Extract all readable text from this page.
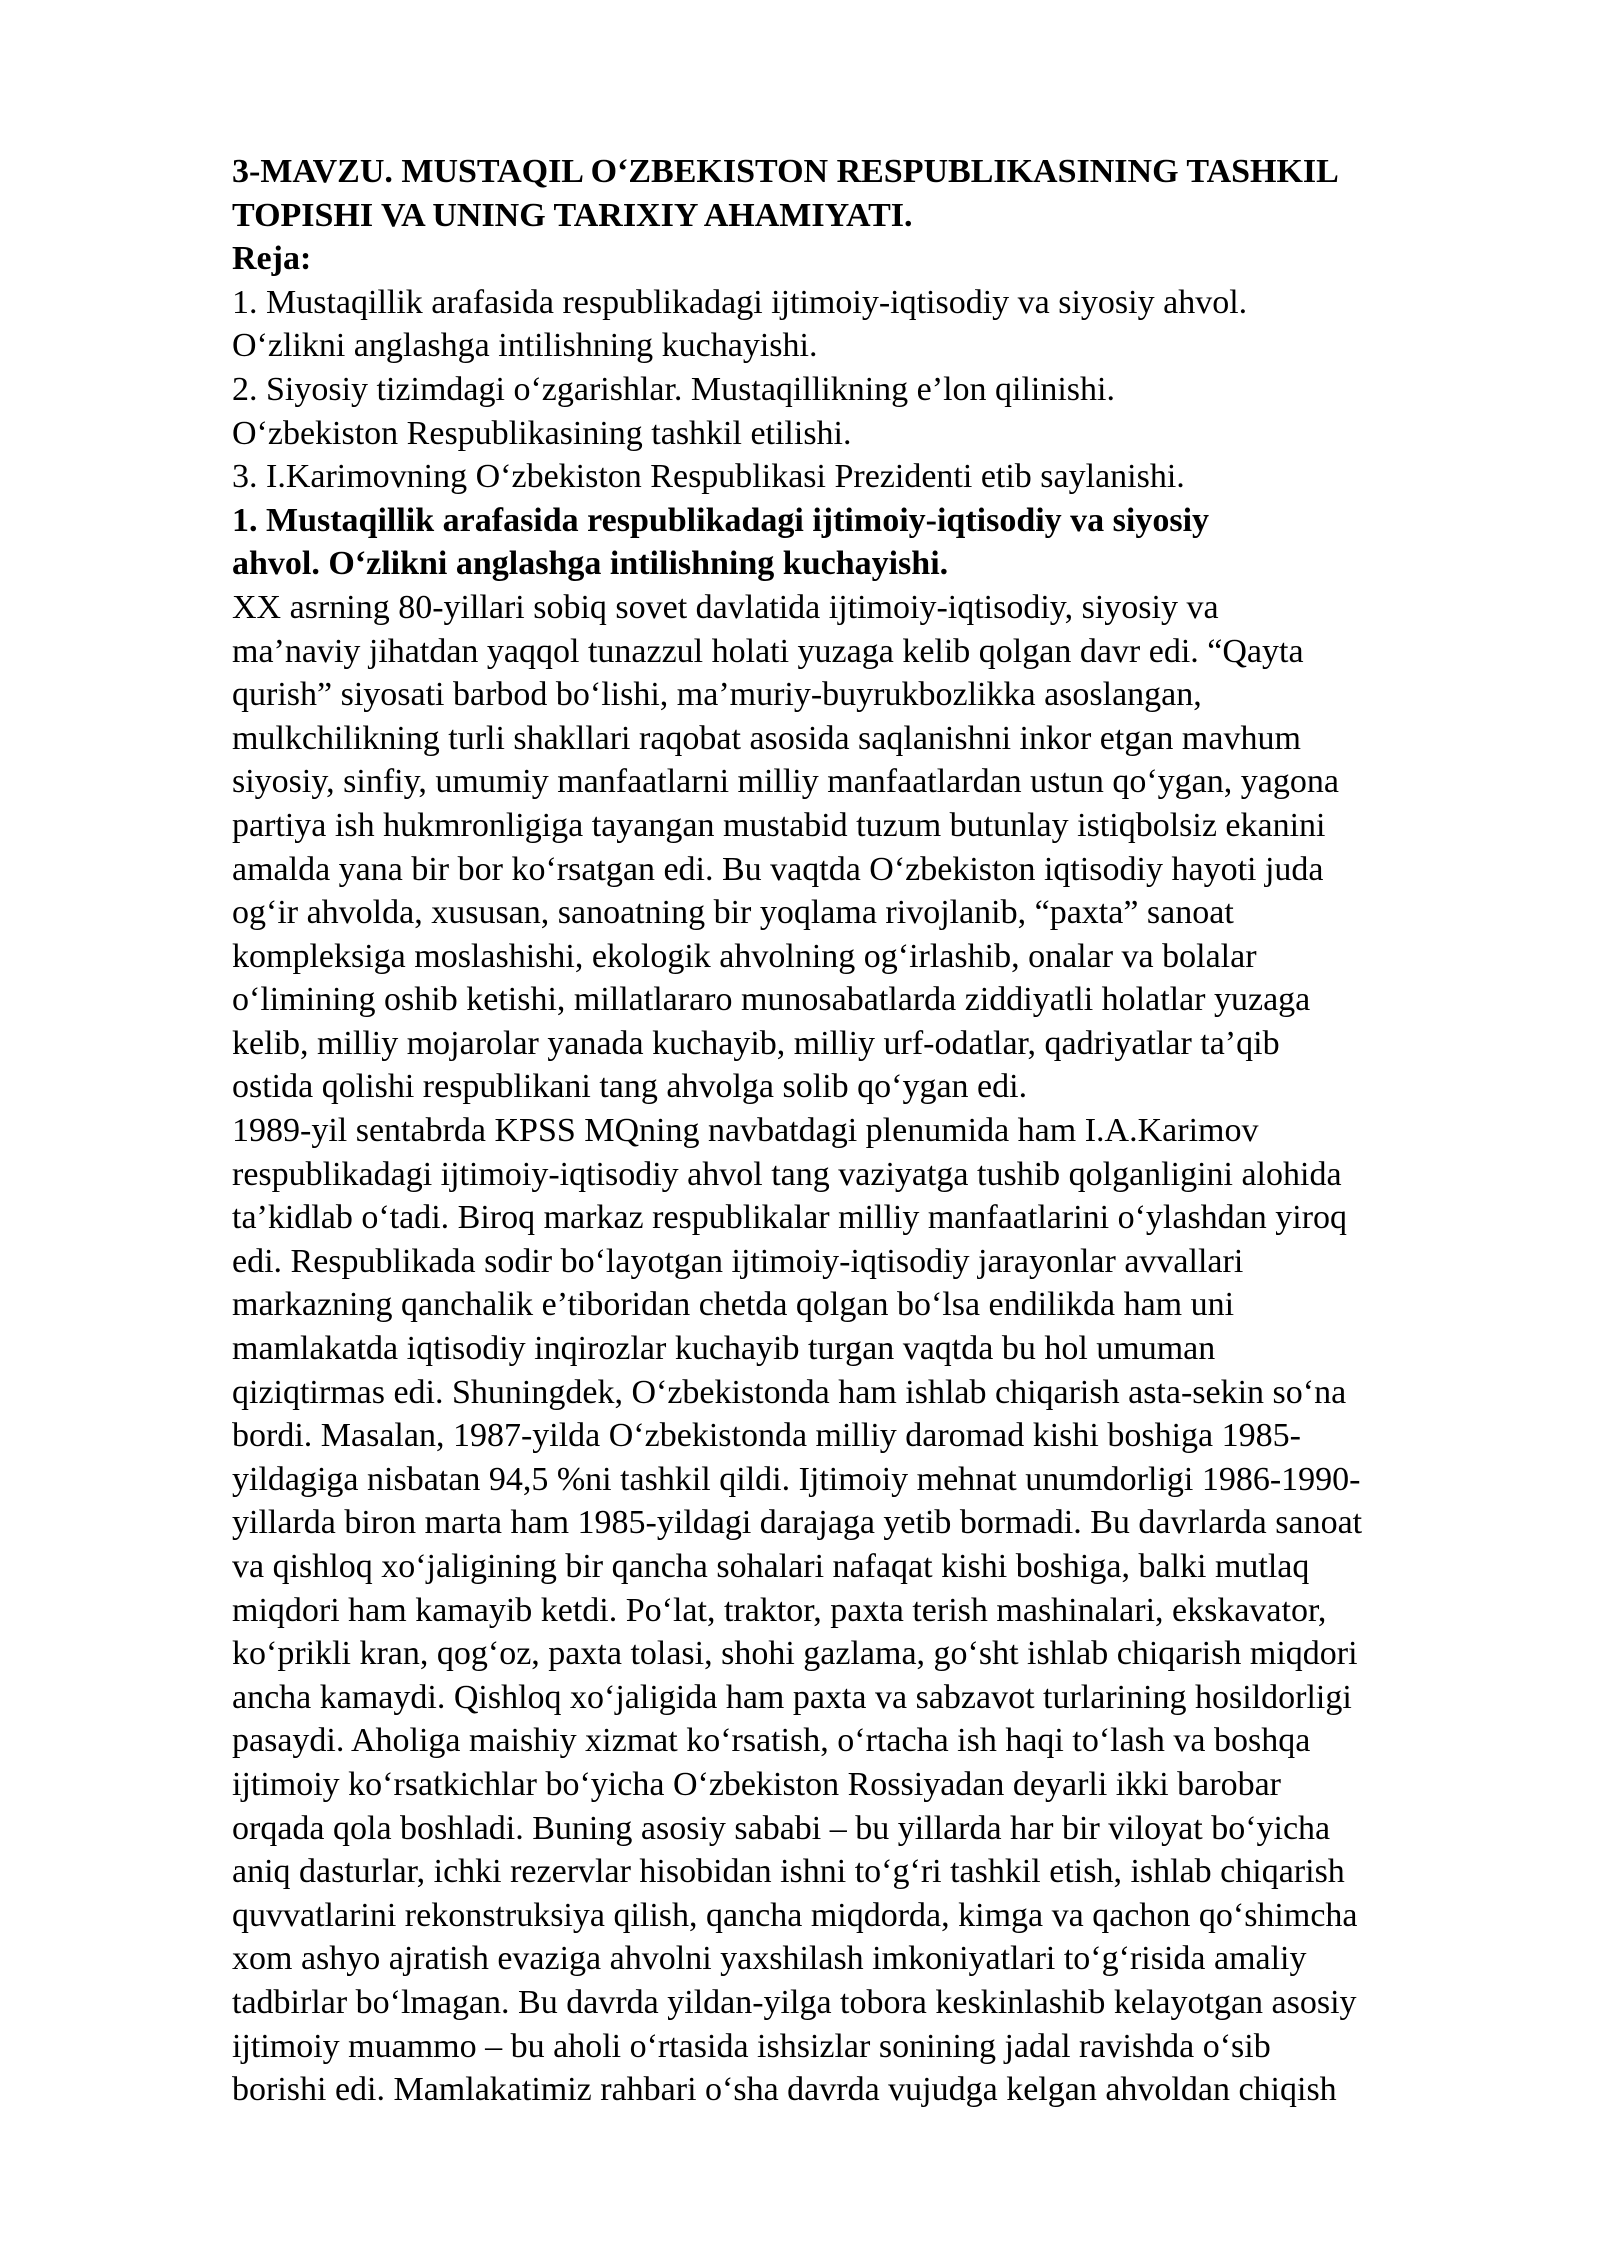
3-MAVZU. MUSTAQIL O‘ZBEKISTON RESPUBLIKASINING TASHKIL
TOPISHI VA UNING TARIXIY AHAMIYATI.
Reja:
1. Mustaqillik arafasida respublikadagi ijtimoiy-iqtisodiy va siyosiy ahvol.
O‘zlikni anglashga intilishning kuchayishi.
2. Siyosiy tizimdagi o‘zgarishlar. Mustaqillikning e’lon qilinishi.
O‘zbekiston Respublikasining tashkil etilishi.
3. I.Karimovning O‘zbekiston Respublikasi Prezidenti etib saylanishi.
1. Mustaqillik arafasida respublikadagi ijtimoiy-iqtisodiy va siyosiy
ahvol. O‘zlikni anglashga intilishning kuchayishi.
XX asrning 80-yillari sobiq sovet davlatida ijtimoiy-iqtisodiy, siyosiy va
ma’naviy jihatdan yaqqol tunazzul holati yuzaga kelib qolgan davr edi. “Qayta
qurish” siyosati barbod bo‘lishi, ma’muriy-buyrukbozlikka asoslangan,
mulkchilikning turli shakllari raqobat asosida saqlanishni inkor etgan mavhum
siyosiy, sinfiy, umumiy manfaatlarni milliy manfaatlardan ustun qo‘ygan, yagona
partiya ish hukmronligiga tayangan mustabid tuzum butunlay istiqbolsiz ekanini
amalda yana bir bor ko‘rsatgan edi. Bu vaqtda O‘zbekiston iqtisodiy hayoti juda
og‘ir ahvolda, xususan, sanoatning bir yoqlama rivojlanib, “paxta” sanoat
kompleksiga moslashishi, ekologik ahvolning og‘irlashib, onalar va bolalar
o‘limining oshib ketishi, millatlararo munosabatlarda ziddiyatli holatlar yuzaga
kelib, milliy mojarolar yanada kuchayib, milliy urf-odatlar, qadriyatlar ta’qib
ostida qolishi respublikani tang ahvolga solib qo‘ygan edi.
1989-yil sentabrda KPSS MQning navbatdagi plenumida ham I.A.Karimov
respublikadagi ijtimoiy-iqtisodiy ahvol tang vaziyatga tushib qolganligini alohida
ta’kidlab o‘tadi. Biroq markaz respublikalar milliy manfaatlarini o‘ylashdan yiroq
edi. Respublikada sodir bo‘layotgan ijtimoiy-iqtisodiy jarayonlar avvallari
markazning qanchalik e’tiboridan chetda qolgan bo‘lsa endilikda ham uni
mamlakatda iqtisodiy inqirozlar kuchayib turgan vaqtda bu hol umuman
qiziqtirmas edi. Shuningdek, O‘zbekistonda ham ishlab chiqarish asta-sekin so‘na
bordi. Masalan, 1987-yilda O‘zbekistonda milliy daromad kishi boshiga 1985-
yildagiga nisbatan 94,5 %ni tashkil qildi. Ijtimoiy mehnat unumdorligi 1986-1990-
yillarda biron marta ham 1985-yildagi darajaga yetib bormadi. Bu davrlarda sanoat
va qishloq xo‘jaligining bir qancha sohalari nafaqat kishi boshiga, balki mutlaq
miqdori ham kamayib ketdi. Po‘lat, traktor, paxta terish mashinalari, ekskavator,
ko‘prikli kran, qog‘oz, paxta tolasi, shohi gazlama, go‘sht ishlab chiqarish miqdori
ancha kamaydi. Qishloq xo‘jaligida ham paxta va sabzavot turlarining hosildorligi
pasaydi. Aholiga maishiy xizmat ko‘rsatish, o‘rtacha ish haqi to‘lash va boshqa
ijtimoiy ko‘rsatkichlar bo‘yicha O‘zbekiston Rossiyadan deyarli ikki barobar
orqada qola boshladi. Buning asosiy sababi – bu yillarda har bir viloyat bo‘yicha
aniq dasturlar, ichki rezervlar hisobidan ishni to‘g‘ri tashkil etish, ishlab chiqarish
quvvatlarini rekonstruksiya qilish, qancha miqdorda, kimga va qachon qo‘shimcha
xom ashyo ajratish evaziga ahvolni yaxshilash imkoniyatlari to‘g‘risida amaliy
tadbirlar bo‘lmagan. Bu davrda yildan-yilga tobora keskinlashib kelayotgan asosiy
ijtimoiy muammo – bu aholi o‘rtasida ishsizlar sonining jadal ravishda o‘sib
borishi edi. Mamlakatimiz rahbari o‘sha davrda vujudga kelgan ahvoldan chiqish
